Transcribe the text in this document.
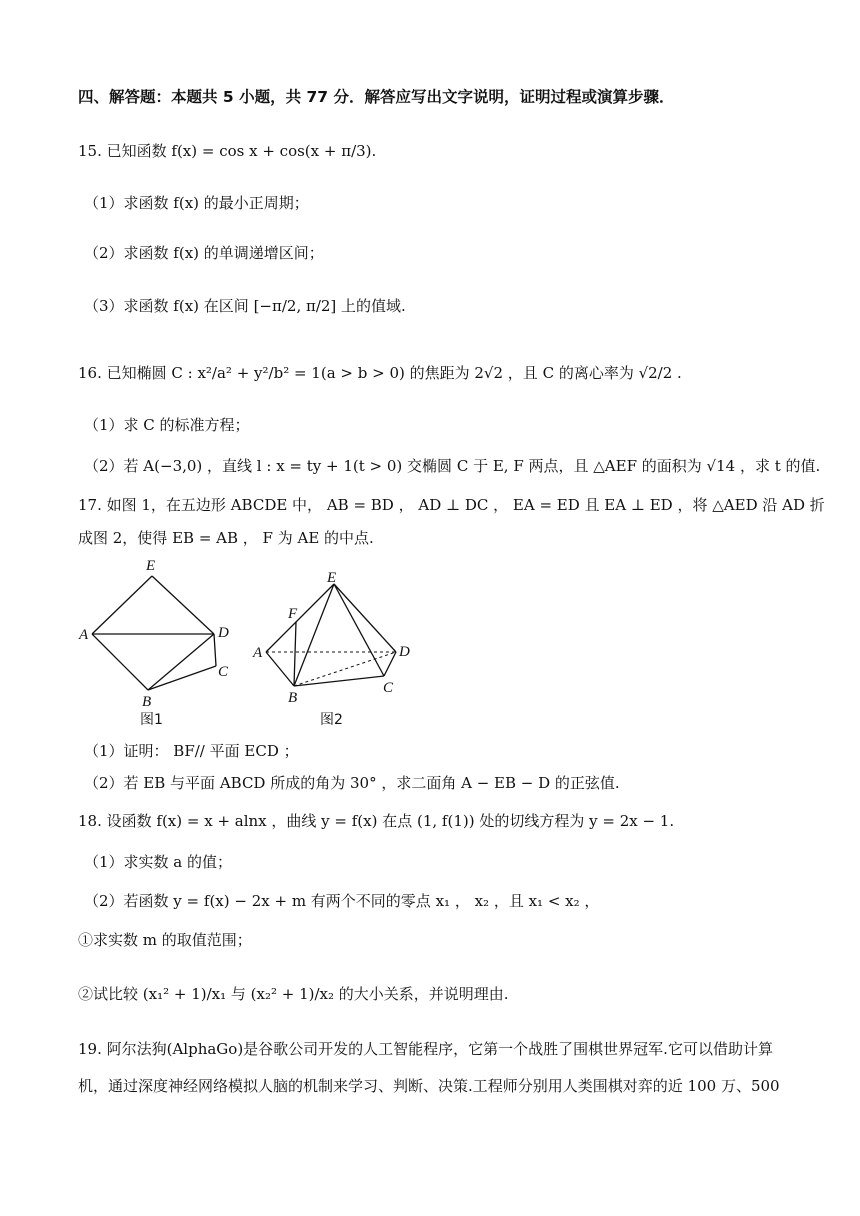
四、解答题：本题共 5 小题，共 77 分．解答应写出文字说明，证明过程或演算步骤．
15. 已知函数 f(x) = cos x + cos(x + π/3).
（1）求函数 f(x) 的最小正周期；
（2）求函数 f(x) 的单调递增区间；
（3）求函数 f(x) 在区间 [−π/2, π/2] 上的值域.
16. 已知椭圆 C : x²/a² + y²/b² = 1(a > b > 0) 的焦距为 2√2 ，且 C 的离心率为 √2/2 .
（1）求 C 的标准方程；
（2）若 A(−3,0) ，直线 l : x = ty + 1(t > 0) 交椭圆 C 于 E, F 两点，且 △AEF 的面积为 √14 ，求 t 的值.
17. 如图 1，在五边形 ABCDE 中， AB = BD ， AD ⊥ DC ， EA = ED 且 EA ⊥ ED ，将 △AED 沿 AD 折
成图 2，使得 EB = AB ， F 为 AE 的中点.
E
A	D
C
B
图1
E
F
A	D
C
B
图2
（1）证明： BF// 平面 ECD ；
（2）若 EB 与平面 ABCD 所成的角为 30° ，求二面角 A − EB − D 的正弦值.
18. 设函数 f(x) = x + alnx ，曲线 y = f(x) 在点 (1, f(1)) 处的切线方程为 y = 2x − 1.
（1）求实数 a 的值；
（2）若函数 y = f(x) − 2x + m 有两个不同的零点 x₁ ， x₂ ，且 x₁ < x₂ ，
①求实数 m 的取值范围；
②试比较 (x₁² + 1)/x₁ 与 (x₂² + 1)/x₂ 的大小关系，并说明理由.
19. 阿尔法狗(AlphaGo)是谷歌公司开发的人工智能程序，它第一个战胜了围棋世界冠军.它可以借助计算
机，通过深度神经网络模拟人脑的机制来学习、判断、决策.工程师分别用人类围棋对弈的近 100 万、500
